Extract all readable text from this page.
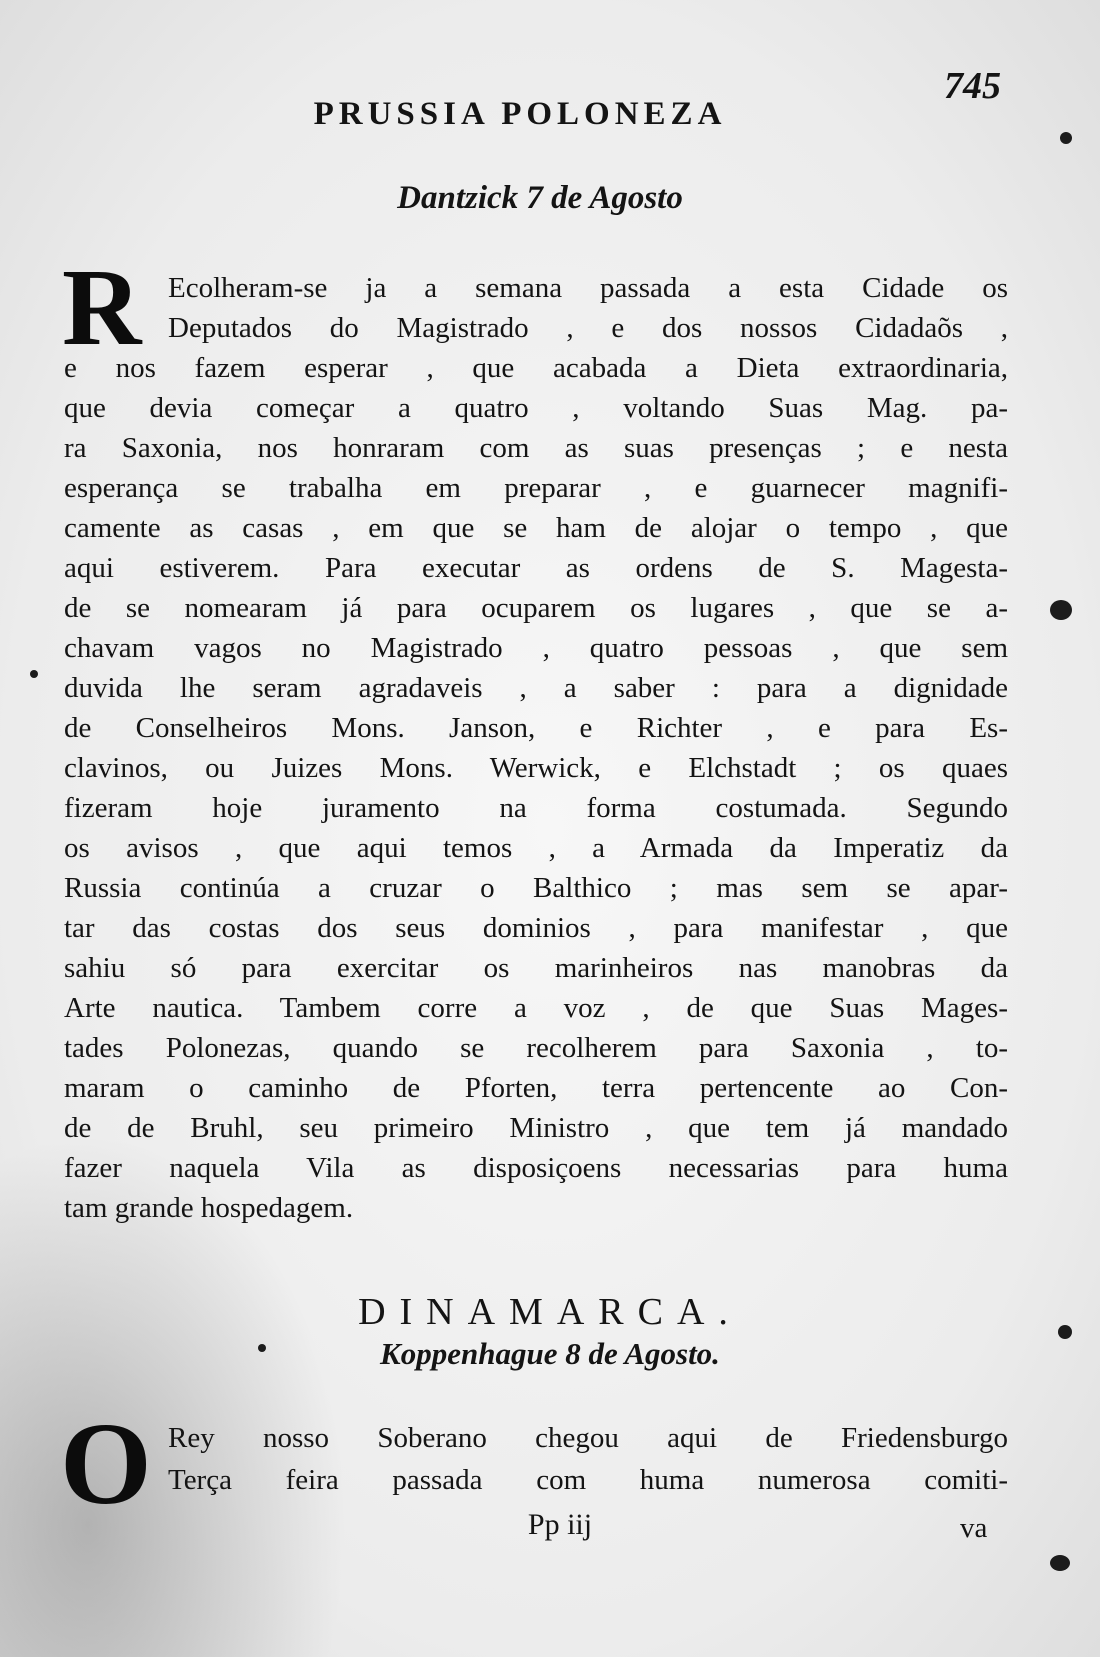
745
PRUSSIA POLONEZA
Dantzick 7 de Agosto
R Ecolheram-se ja a semana passada a esta Cidade os
Deputados do Magistrado , e dos nossos Cidadaõs ,
e nos fazem esperar , que acabada a Dieta extraordinaria,
que devia começar a quatro , voltando Suas Mag. pa-
ra Saxonia, nos honraram com as suas presenças ; e nesta
esperança se trabalha em preparar , e guarnecer magnifi-
camente as casas , em que se ham de alojar o tempo , que
aqui estiverem. Para executar as ordens de S. Magesta-
de se nomearam já para ocuparem os lugares , que se a-
chavam vagos no Magistrado , quatro pessoas , que sem
duvida lhe seram agradaveis , a saber : para a dignidade
de Conselheiros Mons. Janson, e Richter , e para Es-
clavinos, ou Juizes Mons. Werwick, e Elchstadt ; os quaes
fizeram hoje juramento na forma costumada. Segundo
os avisos , que aqui temos , a Armada da Imperatiz da
Russia continúa a cruzar o Balthico ; mas sem se apar-
tar das costas dos seus dominios , para manifestar , que
sahiu só para exercitar os marinheiros nas manobras da
Arte nautica. Tambem corre a voz , de que Suas Mages-
tades Polonezas, quando se recolherem para Saxonia , to-
maram o caminho de Pforten, terra pertencente ao Con-
de de Bruhl, seu primeiro Ministro , que tem já mandado
fazer naquela Vila as disposiçoens necessarias para huma
tam grande hospedagem.
DINAMARCA.
Koppenhague 8 de Agosto.
O Rey nosso Soberano chegou aqui de Friedensburgo
Terça feira passada com huma numerosa comiti-
Pp iij	va
